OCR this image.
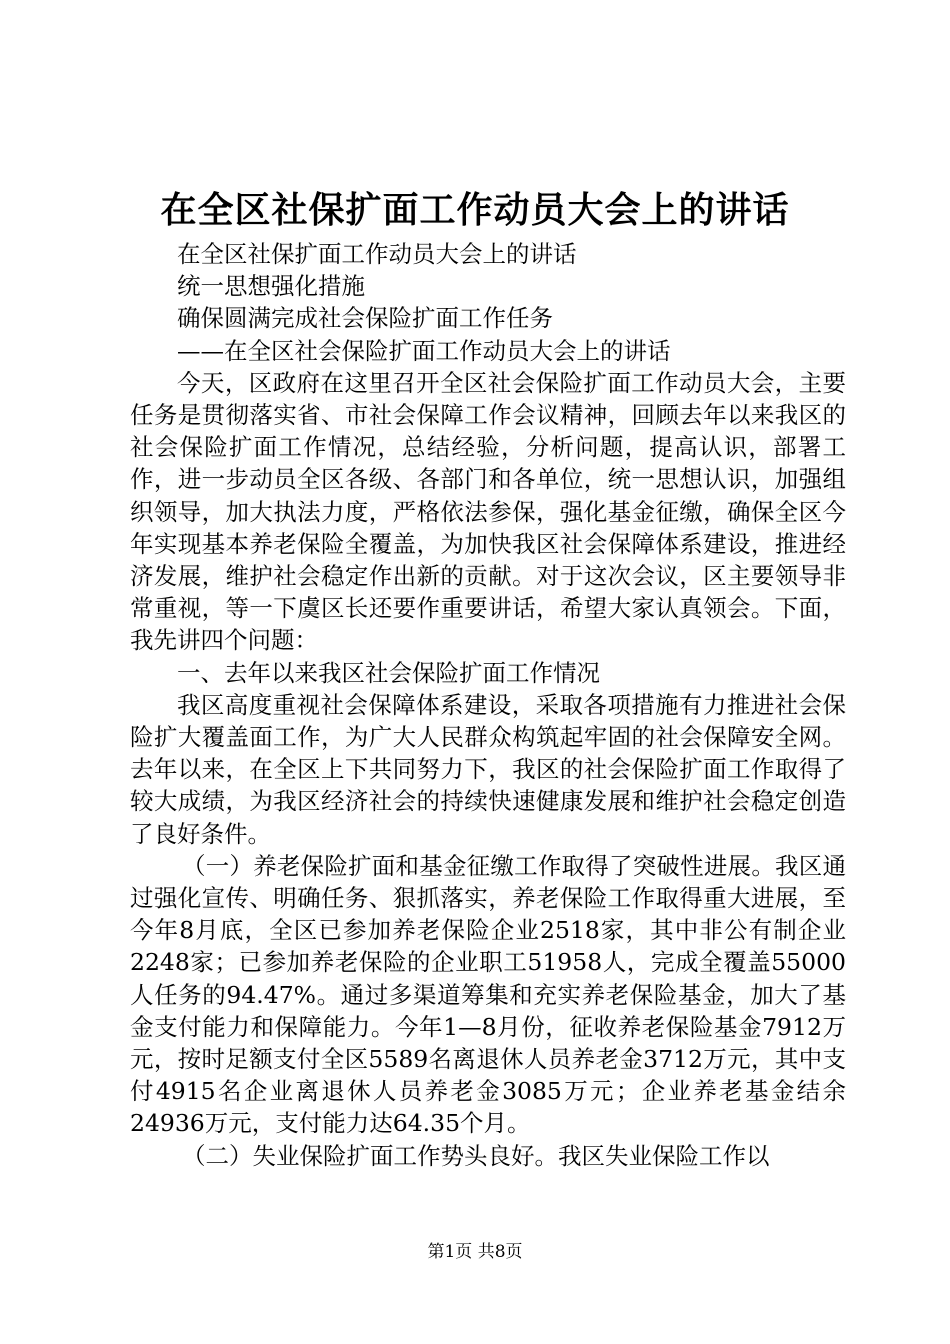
在全区社保扩面工作动员大会上的讲话

在全区社保扩面工作动员大会上的讲话

统一思想强化措施

确保圆满完成社会保险扩面工作任务

——在全区社会保险扩面工作动员大会上的讲话

今天，区政府在这里召开全区社会保险扩面工作动员大会，主要任务是贯彻落实省、市社会保障工作会议精神，回顾去年以来我区的社会保险扩面工作情况，总结经验，分析问题，提高认识，部署工作，进一步动员全区各级、各部门和各单位，统一思想认识，加强组织领导，加大执法力度，严格依法参保，强化基金征缴，确保全区今年实现基本养老保险全覆盖，为加快我区社会保障体系建设，推进经济发展，维护社会稳定作出新的贡献。对于这次会议，区主要领导非常重视，等一下虞区长还要作重要讲话，希望大家认真领会。下面，我先讲四个问题：

一、去年以来我区社会保险扩面工作情况

我区高度重视社会保障体系建设，采取各项措施有力推进社会保险扩大覆盖面工作，为广大人民群众构筑起牢固的社会保障安全网。去年以来，在全区上下共同努力下，我区的社会保险扩面工作取得了较大成绩，为我区经济社会的持续快速健康发展和维护社会稳定创造了良好条件。

（一）养老保险扩面和基金征缴工作取得了突破性进展。我区通过强化宣传、明确任务、狠抓落实，养老保险工作取得重大进展，至今年8月底，全区已参加养老保险企业2518家，其中非公有制企业2248家；已参加养老保险的企业职工51958人，完成全覆盖55000人任务的94.47%。通过多渠道筹集和充实养老保险基金，加大了基金支付能力和保障能力。今年1—8月份，征收养老保险基金7912万元，按时足额支付全区5589名离退休人员养老金3712万元，其中支付4915名企业离退休人员养老金3085万元；企业养老基金结余24936万元，支付能力达64.35个月。

（二）失业保险扩面工作势头良好。我区失业保险工作以

第1页 共8页
